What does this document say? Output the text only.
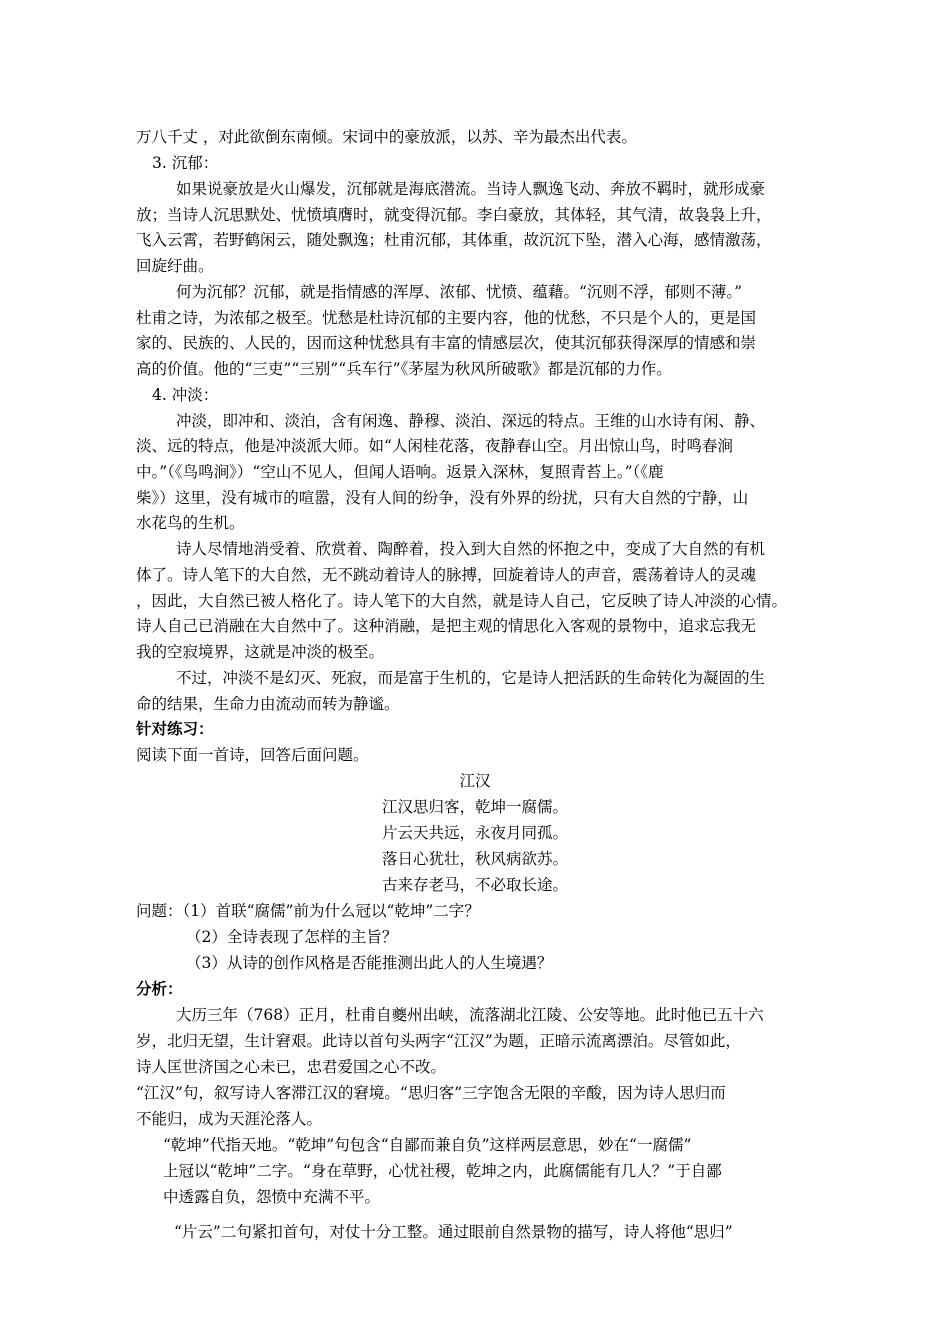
万八千丈 ，对此欲倒东南倾。宋词中的豪放派，以苏、辛为最杰出代表。
3. 沉郁：
如果说豪放是火山爆发，沉郁就是海底潜流。当诗人飘逸飞动、奔放不羁时，就形成豪
放；当诗人沉思默处、忧愤填膺时，就变得沉郁。李白豪放，其体轻，其气清，故袅袅上升，
飞入云霄，若野鹤闲云，随处飘逸；杜甫沉郁，其体重，故沉沉下坠，潜入心海，感情激荡，
回旋纡曲。
何为沉郁？沉郁，就是指情感的浑厚、浓郁、忧愤、蕴藉。“沉则不浮，郁则不薄。”
杜甫之诗，为浓郁之极至。忧愁是杜诗沉郁的主要内容，他的忧愁，不只是个人的，更是国
家的、民族的、人民的，因而这种忧愁具有丰富的情感层次，使其沉郁获得深厚的情感和崇
高的价值。他的“三吏”“三别”“兵车行”《茅屋为秋风所破歌》都是沉郁的力作。
4. 冲淡：
冲淡，即冲和、淡泊，含有闲逸、静穆、淡泊、深远的特点。王维的山水诗有闲、静、
淡、远的特点，他是冲淡派大师。如“人闲桂花落，夜静春山空。月出惊山鸟，时鸣春涧
中。”（《鸟鸣涧》）“空山不见人，但闻人语响。返景入深林，复照青苔上。”（《鹿
柴》）这里，没有城市的喧嚣，没有人间的纷争，没有外界的纷扰，只有大自然的宁静，山
水花鸟的生机。
诗人尽情地消受着、欣赏着、陶醉着，投入到大自然的怀抱之中，变成了大自然的有机
体了。诗人笔下的大自然，无不跳动着诗人的脉搏，回旋着诗人的声音，震荡着诗人的灵魂
，因此，大自然已被人格化了。诗人笔下的大自然，就是诗人自己，它反映了诗人冲淡的心情。
诗人自己已消融在大自然中了。这种消融，是把主观的情思化入客观的景物中，追求忘我无
我的空寂境界，这就是冲淡的极至。
不过，冲淡不是幻灭、死寂，而是富于生机的，它是诗人把活跃的生命转化为凝固的生
命的结果，生命力由流动而转为静谧。
针对练习：
阅读下面一首诗，回答后面问题。
江汉
江汉思归客，乾坤一腐儒。
片云天共远，永夜月同孤。
落日心犹壮，秋风病欲苏。
古来存老马，不必取长途。
问题：（1）首联“腐儒”前为什么冠以“乾坤”二字？
（2）全诗表现了怎样的主旨？
（3）从诗的创作风格是否能推测出此人的人生境遇？
分析：
大历三年（768）正月，杜甫自夔州出峡，流落湖北江陵、公安等地。此时他已五十六
岁，北归无望，生计窘艰。此诗以首句头两字“江汉”为题，正暗示流离漂泊。尽管如此，
诗人匡世济国之心未已，忠君爱国之心不改。
“江汉”句，叙写诗人客滞江汉的窘境。“思归客”三字饱含无限的辛酸，因为诗人思归而
不能归，成为天涯沦落人。
“乾坤”代指天地。“乾坤”句包含“自鄙而兼自负”这样两层意思，妙在“一腐儒”
上冠以“乾坤”二字。“身在草野，心忧社稷，乾坤之内，此腐儒能有几人？”于自鄙
中透露自负，怨愤中充满不平。
“片云”二句紧扣首句，对仗十分工整。通过眼前自然景物的描写，诗人将他“思归”
